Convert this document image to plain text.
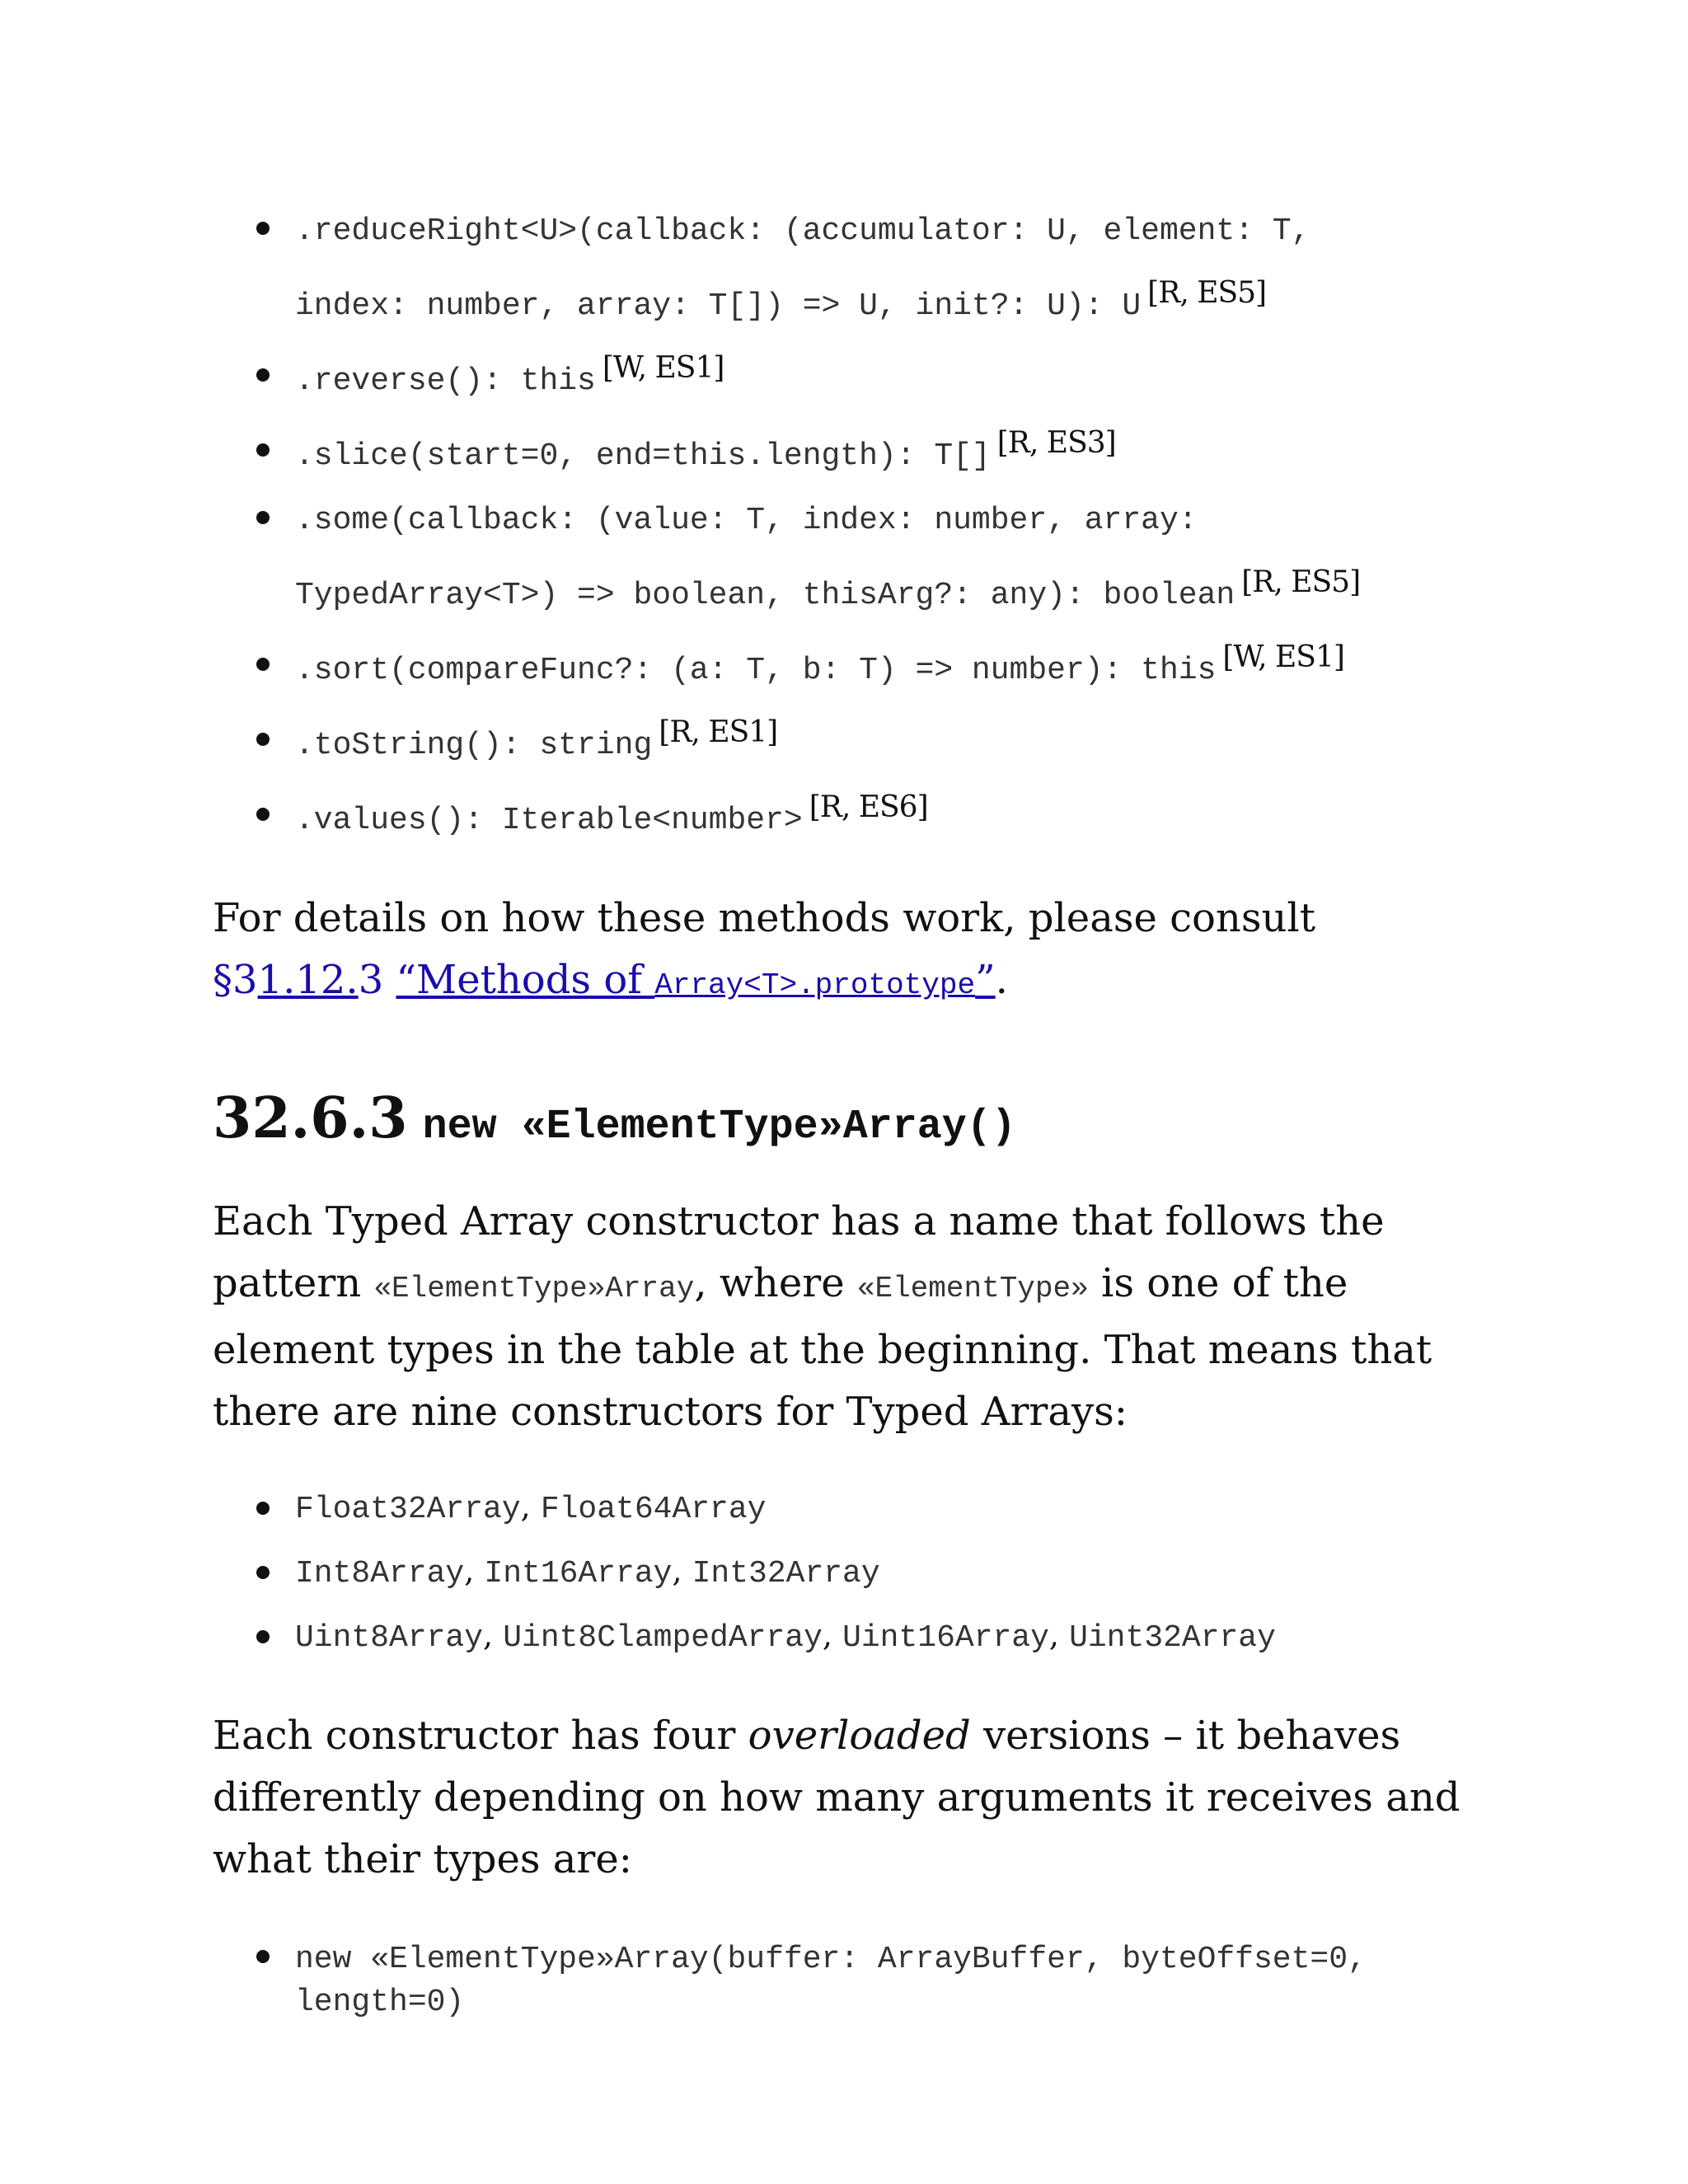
.reduceRight<U>(callback: (accumulator: U, element: T,
index: number, array: T[]) => U, init?: U): U [R, ES5]
.reverse(): this [W, ES1]
.slice(start=0, end=this.length): T[] [R, ES3]
.some(callback: (value: T, index: number, array:
TypedArray<T>) => boolean, thisArg?: any): boolean [R, ES5]
.sort(compareFunc?: (a: T, b: T) => number): this [W, ES1]
.toString(): string [R, ES1]
.values(): Iterable<number> [R, ES6]

For details on how these methods work, please consult §31.12.3 “Methods of Array<T>.prototype”.

32.6.3 new «ElementType»Array()

Each Typed Array constructor has a name that follows the pattern «ElementType»Array, where «ElementType» is one of the element types in the table at the beginning. That means that there are nine constructors for Typed Arrays:

Float32Array, Float64Array
Int8Array, Int16Array, Int32Array
Uint8Array, Uint8ClampedArray, Uint16Array, Uint32Array

Each constructor has four overloaded versions – it behaves differently depending on how many arguments it receives and what their types are:

new «ElementType»Array(buffer: ArrayBuffer, byteOffset=0, length=0)
